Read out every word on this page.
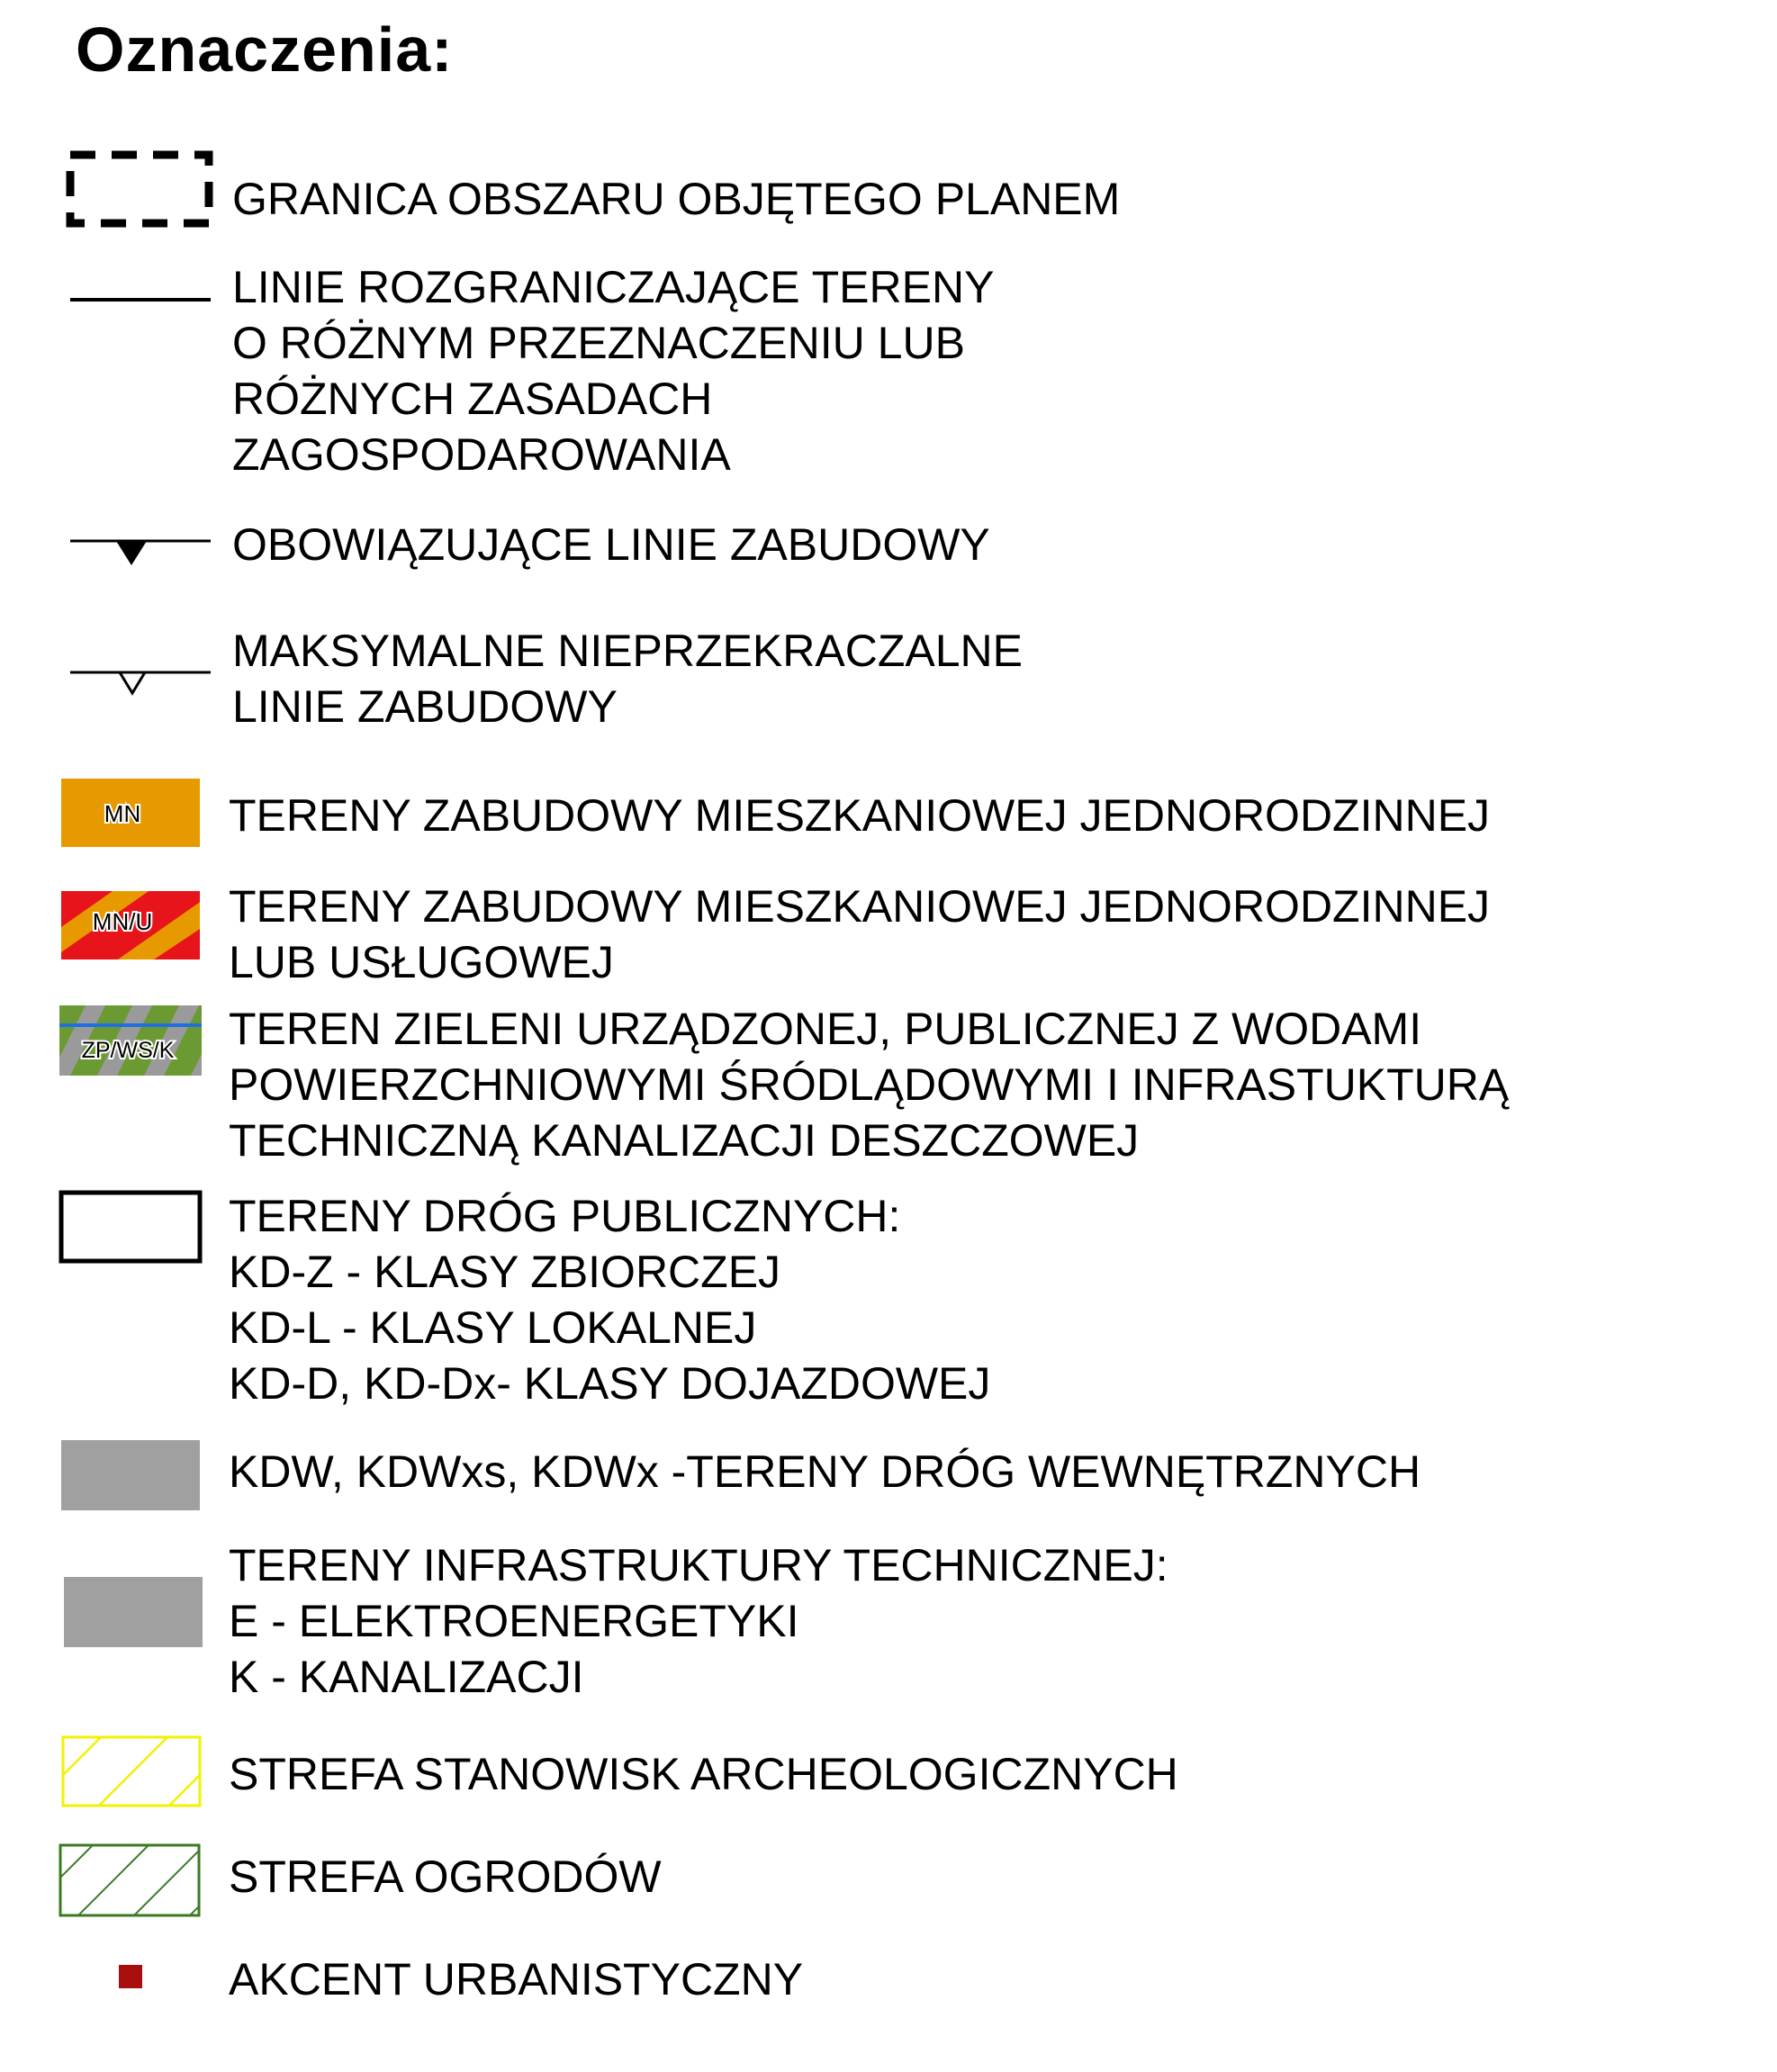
Oznaczenia:
GRANICA OBSZARU OBJĘTEGO PLANEM
LINIE ROZGRANICZAJĄCE TERENY
O RÓŻNYM PRZEZNACZENIU LUB
RÓŻNYCH ZASADACH
ZAGOSPODAROWANIA
OBOWIĄZUJĄCE LINIE ZABUDOWY
MAKSYMALNE NIEPRZEKRACZALNE
LINIE ZABUDOWY
MN TERENY ZABUDOWY MIESZKANIOWEJ JEDNORODZINNEJ
MN/U TERENY ZABUDOWY MIESZKANIOWEJ JEDNORODZINNEJ
LUB USŁUGOWEJ
ZP/WS/K TEREN ZIELENI URZĄDZONEJ, PUBLICZNEJ Z WODAMI
POWIERZCHNIOWYMI ŚRÓDLĄDOWYMI I INFRASTUKTURĄ
TECHNICZNĄ KANALIZACJI DESZCZOWEJ
TERENY DRÓG PUBLICZNYCH:
KD-Z - KLASY ZBIORCZEJ
KD-L - KLASY LOKALNEJ
KD-D, KD-Dx- KLASY DOJAZDOWEJ
KDW, KDWxs, KDWx -TERENY DRÓG WEWNĘTRZNYCH
TERENY INFRASTRUKTURY TECHNICZNEJ:
E - ELEKTROENERGETYKI
K - KANALIZACJI
STREFA STANOWISK ARCHEOLOGICZNYCH
STREFA OGRODÓW
AKCENT URBANISTYCZNY
